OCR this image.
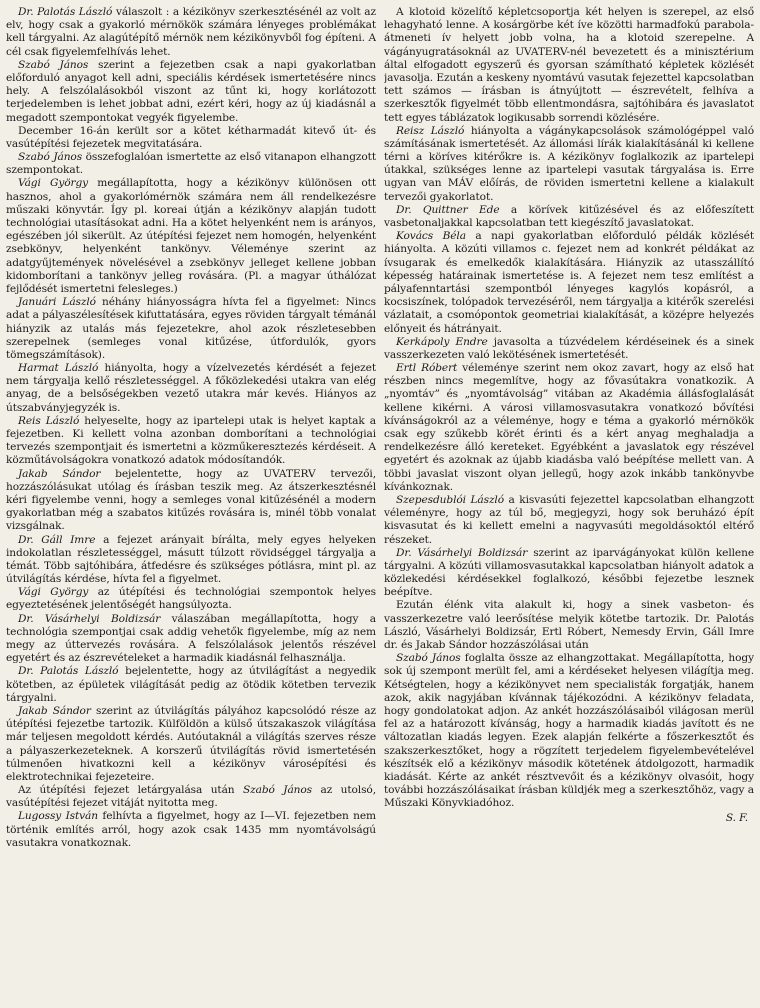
Dr. Palotás László válaszolt : a kézikönyv szerkesztésénél az volt az elv, hogy csak a gyakorló mérnökök számára lényeges problémákat kell tárgyalni. Az alagútépítő mérnök nem kézikönyvből fog építeni. A cél csak figyelemfelhívás lehet.

Szabó János szerint a fejezetben csak a napi gyakorlatban előforduló anyagot kell adni, speciális kérdések ismertetésére nincs hely. A felszólalásokból viszont az tűnt ki, hogy korlátozott terjedelemben is lehet jobbat adni, ezért kéri, hogy az új kiadásnál a megadott szempontokat vegyék figyelembe.

December 16-án került sor a kötet kétharmadát kitevő út- és vasútépítési fejezetek megvitatására.

Szabó János összefoglalóan ismertette az első vitanapon elhangzott szempontokat.

Vági György megállapította, hogy a kézikönyv különösen ott hasznos, ahol a gyakorlómérnök számára nem áll rendelkezésre műszaki könyvtár. Így pl. koreai útján a kézikönyv alapján tudott technológiai utasításokat adni. Ha a kötet helyenként nem is arányos, egészében jól sikerült. Az útépítési fejezet nem homogén, helyenként zsebkönyv, helyenként tankönyv. Véleménye szerint az adatgyűjtemények növelésével a zsebkönyv jelleget kellene jobban kidomborítani a tankönyv jelleg rovására. (Pl. a magyar úthálózat fejlődését ismertetni felesleges.)

Januári László néhány hiányosságra hívta fel a figyelmet: Nincs adat a pályaszélesítések kifuttatására, egyes röviden tárgyalt témánál hiányzik az utalás más fejezetekre, ahol azok részletesebben szerepelnek (semleges vonal kitűzése, útfordulók, gyors tömegszámítások).

Harmat László hiányolta, hogy a vízelvezetés kérdését a fejezet nem tárgyalja kellő részletességgel. A főközlekedési utakra van elég anyag, de a belsőségekben vezető utakra már kevés. Hiányos az útszabványjegyzék is.

Reis László helyeselte, hogy az ipartelepi utak is helyet kaptak a fejezetben. Ki kellett volna azonban domborítani a technológiai tervezés szempontjait és ismertetni a közműkeresztezés kérdéseit. A közműtávolságokra vonatkozó adatok módosítandók.

Jakab Sándor bejelentette, hogy az UVATERV tervezői, hozzászólásukat utólag és írásban teszik meg. Az átszerkesztésnél kéri figyelembe venni, hogy a semleges vonal kitűzésénél a modern gyakorlatban még a szabatos kitűzés rovására is, minél több vonalat vizsgálnak.

Dr. Gáll Imre a fejezet arányait bírálta, mely egyes helyeken indokolatlan részletességgel, másutt túlzott rövidséggel tárgyalja a témát. Több sajtóhibára, átfedésre és szükséges pótlásra, mint pl. az útvilágítás kérdése, hívta fel a figyelmet.

Vági György az útépítési és technológiai szempontok helyes egyeztetésének jelentőségét hangsúlyozta.

Dr. Vásárhelyi Boldizsár válaszában megállapította, hogy a technológia szempontjai csak addig vehetők figyelembe, míg az nem megy az úttervezés rovására. A felszólalások jelentős részével egyetért és az észrevételeket a harmadik kiadásnál felhasználja.

Dr. Palotás László bejelentette, hogy az útvilágítást a negyedik kötetben, az épületek világítását pedig az ötödik kötetben tervezik tárgyalni.

Jakab Sándor szerint az útvilágítás pályához kapcsolódó része az útépítési fejezetbe tartozik. Külföldön a külső útszakaszok világítása már teljesen megoldott kérdés. Autóutaknál a világítás szerves része a pályaszerkezeteknek. A korszerű útvilágítás rövid ismertetésén túlmenően hivatkozni kell a kézikönyv városépítési és elektrotechnikai fejezeteire.

Az útépítési fejezet letárgyalása után Szabó János az utolsó, vasútépítési fejezet vitáját nyitotta meg.

Lugossy István felhívta a figyelmet, hogy az I—VI. fejezetben nem történik említés arról, hogy azok csak 1435 mm nyomtávolságú vasutakra vonatkoznak.

A klotoid közelítő képletcsoportja két helyen is szerepel, az első lehagyható lenne. A kosárgörbe két íve közötti harmadfokú parabola-átmeneti ív helyett jobb volna, ha a klotoid szerepelne. A vágányugratásoknál az UVATERV-nél bevezetett és a minisztérium által elfogadott egyszerű és gyorsan számítható képletek közlését javasolja. Ezután a keskeny nyomtávú vasutak fejezettel kapcsolatban tett számos — írásban is átnyújtott — észrevételt, felhíva a szerkesztők figyelmét több ellentmondásra, sajtóhibára és javaslatot tett egyes táblázatok logikusabb sorrendi közlésére.

Reisz László hiányolta a vágánykapcsolások számológéppel való számításának ismertetését. Az állomási lírák kialakításánál ki kellene térni a köríves kitérőkre is. A kézikönyv foglalkozik az ipartelepi útakkal, szükséges lenne az ipartelepi vasutak tárgyalása is. Erre ugyan van MÁV előírás, de röviden ismertetni kellene a kialakult tervezői gyakorlatot.

Dr. Quittner Ede a körívek kitűzésével és az előfeszített vasbetonaljakkal kapcsolatban tett kiegészítő javaslatokat.

Kovács Béla a napi gyakorlatban előforduló példák közlését hiányolta. A közúti villamos c. fejezet nem ad konkrét példákat az ívsugarak és emelkedők kialakítására. Hiányzik az utasszállító képesség határainak ismertetése is. A fejezet nem tesz említést a pályafenntartási szempontból lényeges kagylós kopásról, a kocsiszínek, tolópadok tervezéséről, nem tárgyalja a kitérők szerelési vázlatait, a csomópontok geometriai kialakítását, a középre helyezés előnyeit és hátrányait.

Kerkápoly Endre javasolta a túzvédelem kérdéseinek és a sinek vasszerkezeten való lekötésének ismertetését.

Ertl Róbert véleménye szerint nem okoz zavart, hogy az első hat részben nincs megemlítve, hogy az fővasútakra vonatkozik. A „nyomtáv” és „nyomtávolság” vitában az Akadémia állásfoglalását kellene kikérni. A városi villamosvasutakra vonatkozó bővítési kívánságokról az a véleménye, hogy e téma a gyakorló mérnökök csak egy szűkebb körét érinti és a kért anyag meghaladja a rendelkezésre álló kereteket. Egyébként a javaslatok egy részével egyetért és azoknak az újabb kiadásba való beépítése mellett van. A többi javaslat viszont olyan jellegű, hogy azok inkább tankönyvbe kívánkoznak.

Szepesdublói László a kisvasúti fejezettel kapcsolatban elhangzott véleményre, hogy az túl bő, megjegyzi, hogy sok beruházó épít kisvasutat és ki kellett emelni a nagyvasúti megoldásoktól eltérő részeket.

Dr. Vásárhelyi Boldizsár szerint az iparvágányokat külön kellene tárgyalni. A közúti villamosvasutakkal kapcsolatban hiányolt adatok a közlekedési kérdésekkel foglalkozó, későbbi fejezetbe lesznek beépítve.

Ezután élénk vita alakult ki, hogy a sinek vasbeton- és vasszerkezetre való leerősítése melyik kötetbe tartozik. Dr. Palotás László, Vásárhelyi Boldizsár, Ertl Róbert, Nemesdy Ervin, Gáll Imre dr. és Jakab Sándor hozzászólásai után

Szabó János foglalta össze az elhangzottakat. Megállapította, hogy sok új szempont merült fel, ami a kérdéseket helyesen világítja meg. Kétségtelen, hogy a kézikönyvet nem specialisták forgatják, hanem azok, akik nagyjában kívánnak tájékozódni. A kézikönyv feladata, hogy gondolatokat adjon. Az ankét hozzászólásaiból világosan merül fel az a határozott kívánság, hogy a harmadik kiadás javított és ne változatlan kiadás legyen. Ezek alapján felkérte a főszerkesztőt és szakszerkesztőket, hogy a rögzített terjedelem figyelembevételével készítsék elő a kézikönyv második kötetének átdolgozott, harmadik kiadását. Kérte az ankét résztvevőit és a kézikönyv olvasóit, hogy további hozzászólásaikat írásban küldjék meg a szerkesztőhöz, vagy a Műszaki Könyvkiadóhoz.

S. F.
